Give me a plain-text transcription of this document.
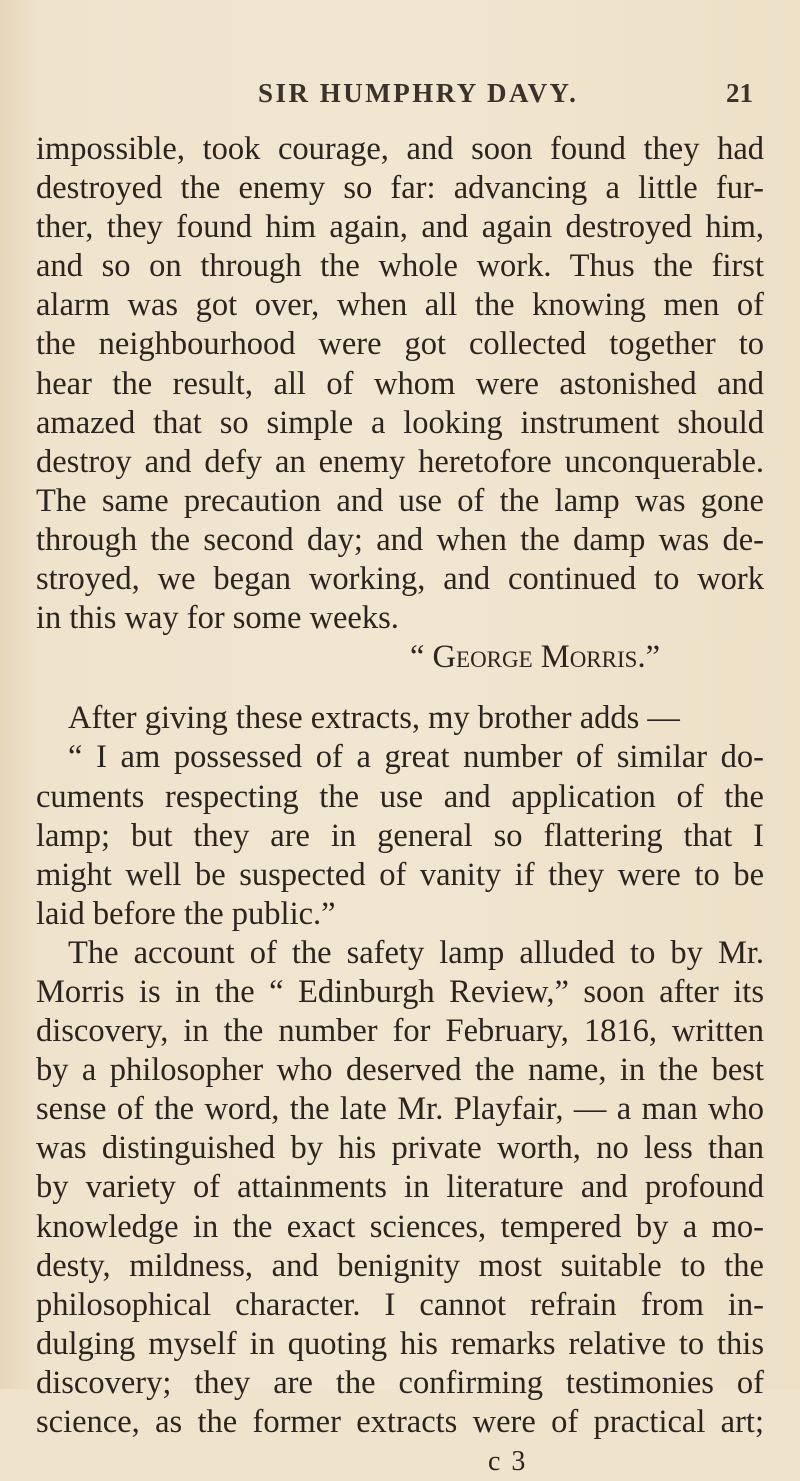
SIR HUMPHRY DAVY.	21
impossible, took courage, and soon found they had
destroyed the enemy so far: advancing a little fur-
ther, they found him again, and again destroyed him,
and so on through the whole work. Thus the first
alarm was got over, when all the knowing men of
the neighbourhood were got collected together to
hear the result, all of whom were astonished and
amazed that so simple a looking instrument should
destroy and defy an enemy heretofore unconquerable.
The same precaution and use of the lamp was gone
through the second day; and when the damp was de-
stroyed, we began working, and continued to work
in this way for some weeks.
“ George Morris.”
After giving these extracts, my brother adds —
“ I am possessed of a great number of similar do-
cuments respecting the use and application of the
lamp; but they are in general so flattering that I
might well be suspected of vanity if they were to be
laid before the public.”
The account of the safety lamp alluded to by Mr.
Morris is in the “ Edinburgh Review,” soon after its
discovery, in the number for February, 1816, written
by a philosopher who deserved the name, in the best
sense of the word, the late Mr. Playfair, — a man who
was distinguished by his private worth, no less than
by variety of attainments in literature and profound
knowledge in the exact sciences, tempered by a mo-
desty, mildness, and benignity most suitable to the
philosophical character. I cannot refrain from in-
dulging myself in quoting his remarks relative to this
discovery; they are the confirming testimonies of
science, as the former extracts were of practical art;
c 3
